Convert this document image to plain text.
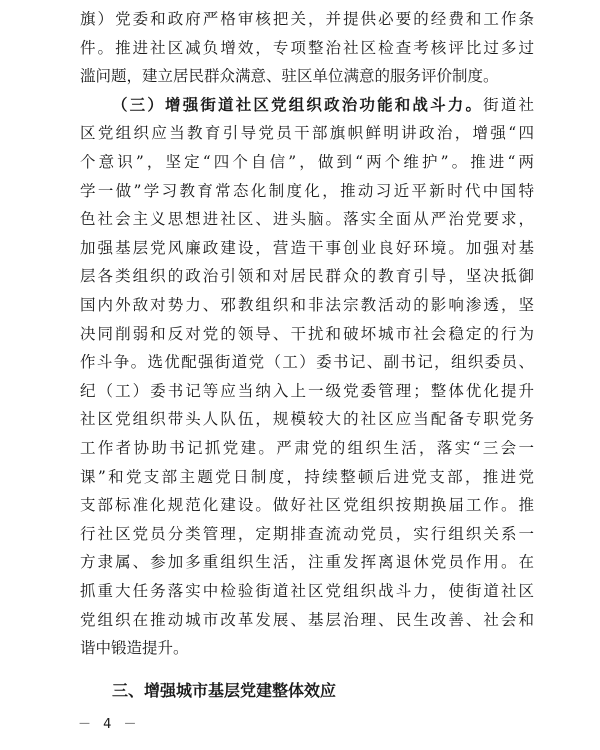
旗）党委和政府严格审核把关，并提供必要的经费和工作条
件。推进社区减负增效，专项整治社区检查考核评比过多过
滥问题，建立居民群众满意、驻区单位满意的服务评价制度。
（三）增强街道社区党组织政治功能和战斗力。街道社
区党组织应当教育引导党员干部旗帜鲜明讲政治，增强“四
个意识”，坚定“四个自信”，做到“两个维护”。推进“两
学一做”学习教育常态化制度化，推动习近平新时代中国特
色社会主义思想进社区、进头脑。落实全面从严治党要求，
加强基层党风廉政建设，营造干事创业良好环境。加强对基
层各类组织的政治引领和对居民群众的教育引导，坚决抵御
国内外敌对势力、邪教组织和非法宗教活动的影响渗透，坚
决同削弱和反对党的领导、干扰和破坏城市社会稳定的行为
作斗争。选优配强街道党（工）委书记、副书记，组织委员、
纪（工）委书记等应当纳入上一级党委管理；整体优化提升
社区党组织带头人队伍，规模较大的社区应当配备专职党务
工作者协助书记抓党建。严肃党的组织生活，落实“三会一
课”和党支部主题党日制度，持续整顿后进党支部，推进党
支部标准化规范化建设。做好社区党组织按期换届工作。推
行社区党员分类管理，定期排查流动党员，实行组织关系一
方隶属、参加多重组织生活，注重发挥离退休党员作用。在
抓重大任务落实中检验街道社区党组织战斗力，使街道社区
党组织在推动城市改革发展、基层治理、民生改善、社会和
谐中锻造提升。
三、增强城市基层党建整体效应
－ 4 －
